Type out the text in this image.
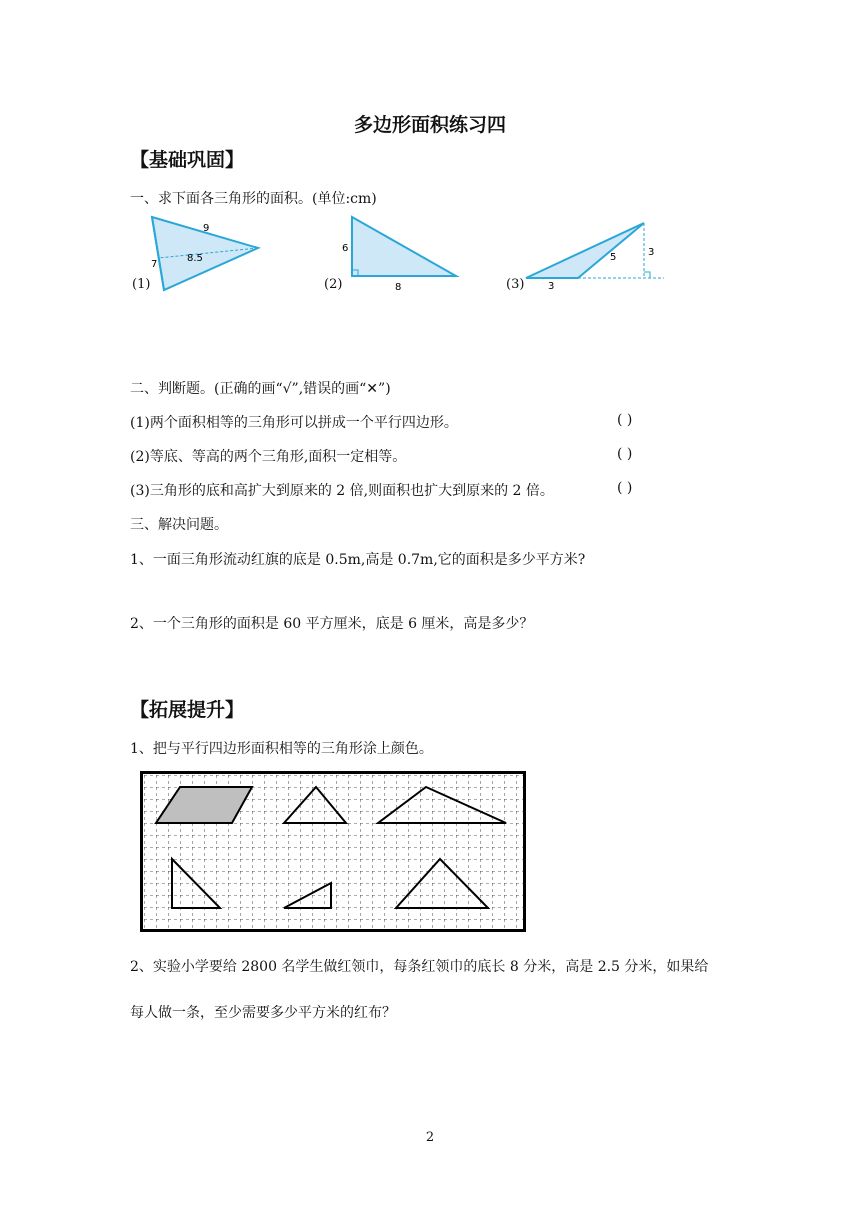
多边形面积练习四
【基础巩固】
一、求下面各三角形的面积。(单位:cm)
9
8.5
7
(1)
6
8
(2)
5	3
3
(3)
二、判断题。(正确的画“√”,错误的画“✕”)
(1)两个面积相等的三角形可以拼成一个平行四边形。	( )
(2)等底、等高的两个三角形,面积一定相等。	( )
(3)三角形的底和高扩大到原来的 2 倍,则面积也扩大到原来的 2 倍。	( )
三、解决问题。
1、一面三角形流动红旗的底是 0.5m,高是 0.7m,它的面积是多少平方米?
2、一个三角形的面积是 60 平方厘米，底是 6 厘米，高是多少？
【拓展提升】
1、把与平行四边形面积相等的三角形涂上颜色。
2、实验小学要给 2800 名学生做红领巾，每条红领巾的底长 8 分米，高是 2.5 分米，如果给
每人做一条，至少需要多少平方米的红布？
2
